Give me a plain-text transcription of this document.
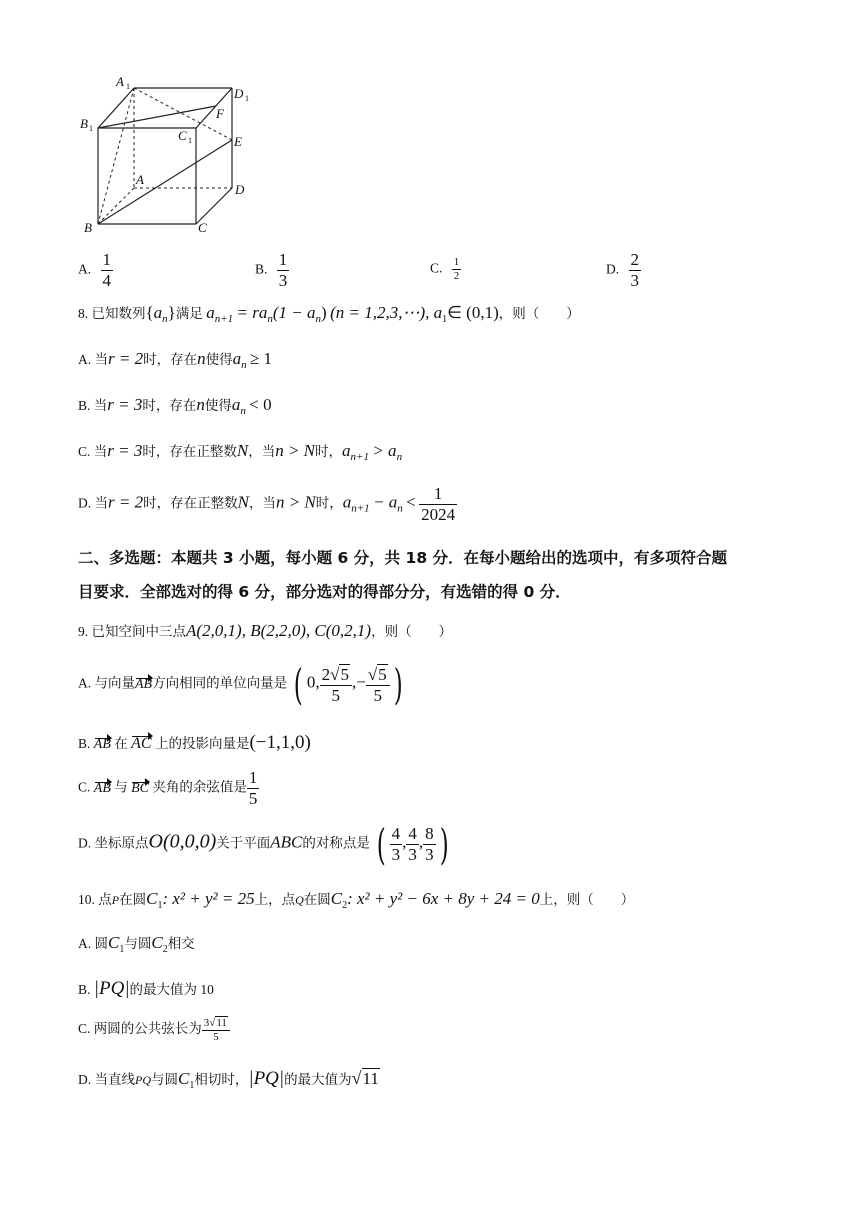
A 1	D 1
B 1	C 1
F
E
A
D
B	C
A. $\frac{1}{4}$	B. $\frac{1}{3}$	C. $\frac{1}{2}$	D. $\frac{2}{3}$
8. 已知数列$\{a_n\}$满足 $a_{n+1} = ra_n(1 - a_n) (n$ = 1,2,3,⋯), $a_1\in$ (0,1)，则（　　）
A. 当r = 2时，存在n使得$a_n \ge 1$
B. 当r = 3时，存在n使得$a_n < 0$
C. 当r = 3时，存在正整数N，当n > N时，$a_{n+1} > a_n$
D. 当r = 2时，存在正整数N，当n > N时，$a_{n+1} - a_n < \frac{1}{2024}$
二、多选题：本题共 3 小题，每小题 6 分，共 18 分．在每小题给出的选项中，有多项符合题
目要求．全部选对的得 6 分，部分选对的得部分分，有选错的得 0 分．
9. 已知空间中三点A(2,0,1), B(2,2,0), C(0,2,1)，则（　　）
A. 与向量AB方向相同的单位向量是 ( 0, $\frac{2√5}{5}$ ,− $\frac{√5}{5}$ )
B. AB 在 AC 上的投影向量是(−1,1,0)
C. AB 与 BC 夹角的余弦值是 $\frac{1}{5}$
D. 坐标原点O(0,0,0)关于平面ABC的对称点是 ( $\frac{4}{3}$ , $\frac{4}{3}$ , $\frac{8}{3}$ )
10. 点P在圆$C_1$: x² + y² = 25上，点Q在圆$C_2$: x² + y² − 6x + 8y + 24 = 0上，则（　　）
A. 圆$C_1$与圆$C_2$相交
B. |PQ|的最大值为 10
C. 两圆的公共弦长为 $\frac{3√11}{5}$
D. 当直线PQ与圆$C_1$相切时，|PQ|的最大值为√11
